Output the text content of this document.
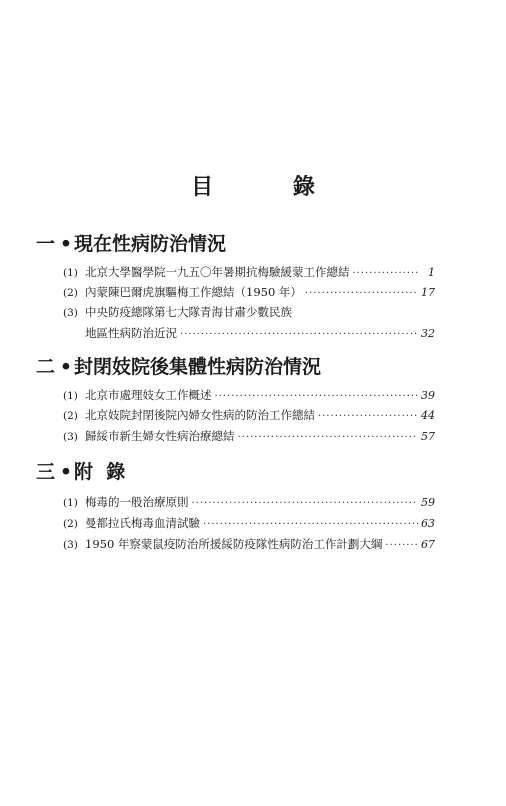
目 錄
一 • 現在性病防治情況
(1) 北京大學醫學院一九五〇年暑期抗梅驗緩蒙工作總結 ·····	1
(2) 內蒙陳巴爾虎旗驅梅工作總結（1950 年） ·····	17
(3) 中央防疫總隊第七大隊青海甘肅少數民族
地區性病防治近況 ·····	32
二 • 封閉妓院後集體性病防治情況
(1) 北京市處理妓女工作概述 ·····	39
(2) 北京妓院封閉後院內婦女性病的防治工作總結 ·····	44
(3) 歸綏市新生婦女性病治療總結 ·····	57
三 • 附  錄
(1) 梅毒的一般治療原則 ·····	59
(2) 曼都拉氏梅毒血清試驗 ·····	63
(3) 1950 年察蒙鼠疫防治所援綏防疫隊性病防治工作計劃大綱 ·····	67
